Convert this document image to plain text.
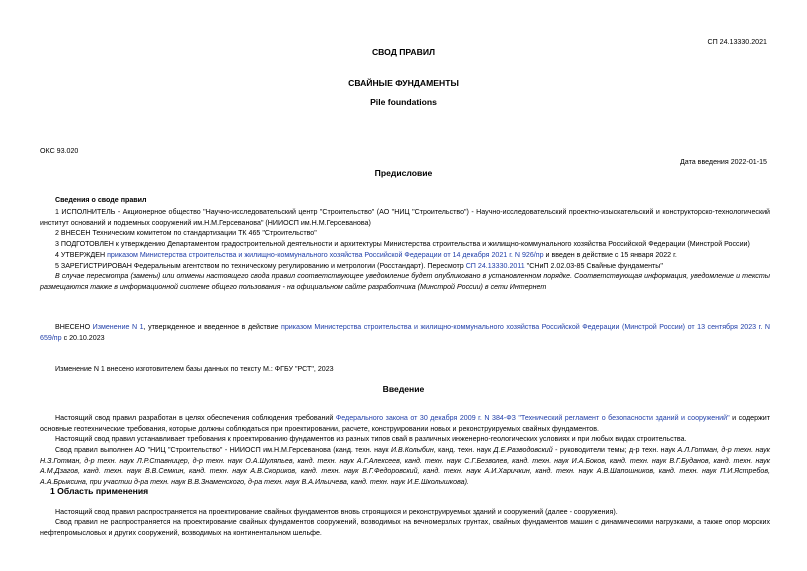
СП 24.13330.2021
СВОД ПРАВИЛ
СВАЙНЫЕ ФУНДАМЕНТЫ
Pile foundations
ОКС 93.020
Дата введения 2022-01-15
Предисловие
Сведения о своде правил
1 ИСПОЛНИТЕЛЬ - Акционерное общество "Научно-исследовательский центр "Строительство" (АО "НИЦ "Строительство") - Научно-исследовательский проектно-изыскательский и конструкторско-технологический институт оснований и подземных сооружений им.Н.М.Герсеванова" (НИИОСП им.Н.М.Герсеванова)
2 ВНЕСЕН Техническим комитетом по стандартизации ТК 465 "Строительство"
3 ПОДГОТОВЛЕН к утверждению Департаментом градостроительной деятельности и архитектуры Министерства строительства и жилищно-коммунального хозяйства Российской Федерации (Минстрой России)
4 УТВЕРЖДЕН приказом Министерства строительства и жилищно-коммунального хозяйства Российской Федерации от 14 декабря 2021 г. N 926/пр и введен в действие с 15 января 2022 г.
5 ЗАРЕГИСТРИРОВАН Федеральным агентством по техническому регулированию и метрологии (Росстандарт). Пересмотр СП 24.13330.2011 "СНиП 2.02.03-85 Свайные фундаменты"
В случае пересмотра (замены) или отмены настоящего свода правил соответствующее уведомление будет опубликовано в установленном порядке. Соответствующая информация, уведомление и тексты размещаются также в информационной системе общего пользования - на официальном сайте разработчика (Минстрой России) в сети Интернет
ВНЕСЕНО Изменение N 1, утвержденное и введенное в действие приказом Министерства строительства и жилищно-коммунального хозяйства Российской Федерации (Минстрой России) от 13 сентября 2023 г. N 659/пр с 20.10.2023
Изменение N 1 внесено изготовителем базы данных по тексту М.: ФГБУ "РСТ", 2023
Введение
Настоящий свод правил разработан в целях обеспечения соблюдения требований Федерального закона от 30 декабря 2009 г. N 384-ФЗ "Технический регламент о безопасности зданий и сооружений" и содержит основные геотехнические требования, которые должны соблюдаться при проектировании, расчете, конструировании новых и реконструируемых свайных фундаментов.
Настоящий свод правил устанавливает требования к проектированию фундаментов из разных типов свай в различных инженерно-геологических условиях и при любых видах строительства.
Свод правил выполнен АО "НИЦ "Строительство" - НИИОСП им.Н.М.Герсеванова (канд. техн. наук И.В.Колыбин, канд. техн. наук Д.Е.Разводовский - руководители темы; д-р техн. наук А.Л.Готман, д-р техн. наук Н.З.Готман, д-р техн. наук Л.Р.Ставницер, д-р техн. наук О.А.Шуляпьев, канд. техн. наук А.Г.Алексеев, канд. техн. наук С.Г.Безволев, канд. техн. наук И.А.Боков, канд. техн. наук В.Г.Буданов, канд. техн. наук А.М.Дзагов, канд. техн. наук В.В.Семкин, канд. техн. наук А.В.Скориков, канд. техн. наук В.Г.Федоровский, канд. техн. наук А.И.Харичкин, канд. техн. наук А.В.Шапошников, канд. техн. наук П.И.Ястребов, А.А.Брыксина, при участии д-ра техн. наук В.В.Знаменского, д-ра техн. наук В.А.Ильичева, канд. техн. наук И.Е.Школышкова).
1 Область применения
Настоящий свод правил распространяется на проектирование свайных фундаментов вновь строящихся и реконструируемых зданий и сооружений (далее - сооружения).
Свод правил не распространяется на проектирование свайных фундаментов сооружений, возводимых на вечномерзлых грунтах, свайных фундаментов машин с динамическими нагрузками, а также опор морских нефтепромысловых и других сооружений, возводимых на континентальном шельфе.
